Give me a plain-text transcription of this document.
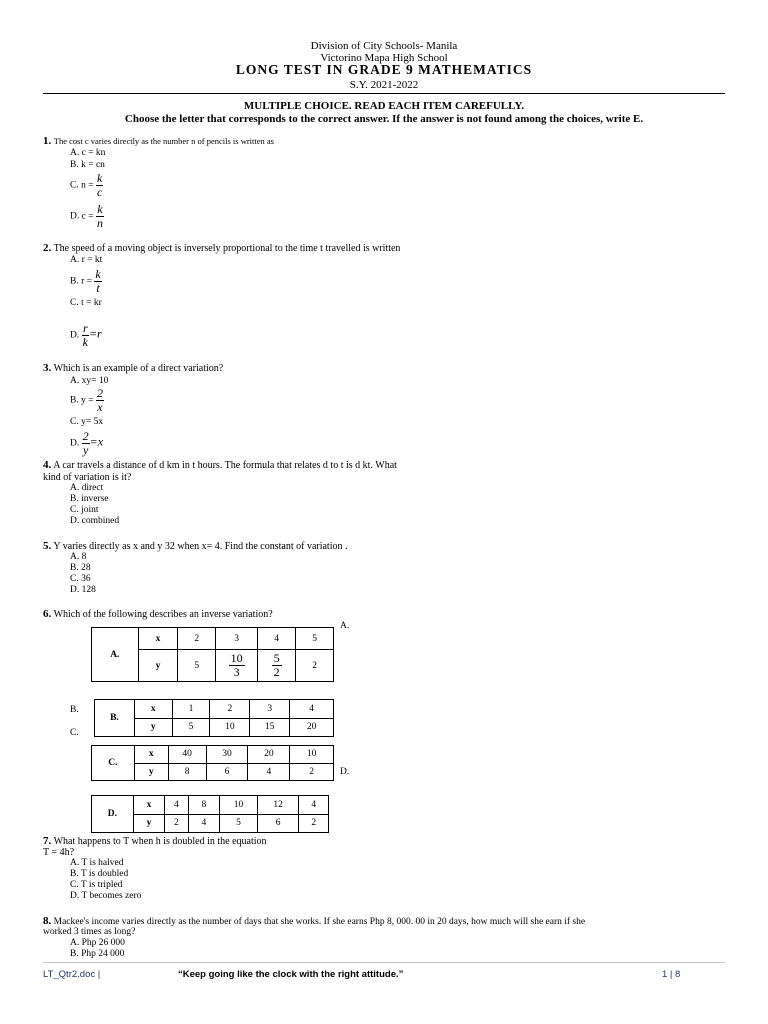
Division of City Schools- Manila
Victorino Mapa High School
LONG TEST IN GRADE 9 MATHEMATICS
S.Y. 2021-2022
MULTIPLE CHOICE. READ EACH ITEM CAREFULLY.
Choose the letter that corresponds to the correct answer. If the answer is not found among the choices, write E.
1. The cost c varies directly as the number n of pencils is written as
A. c = kn
B. k = cn
C. $n = \frac{k}{c}$
D. $c = \frac{k}{n}$
2. The speed of a moving object is inversely proportional to the time t travelled is written
A. r = kt
B. $r = \frac{k}{t}$
C. t = kr
D. $\frac{r}{k} =r$
3. Which is an example of a direct variation?
A. xy= 10
B. $y = \frac{2}{x}$
C. y= 5x
D. $\frac{2}{y} =x$
4. A car travels a distance of d km in t hours. The formula that relates d to t is d kt. What
kind of variation is it?
A. direct
B. inverse
C. joint
D. combined
5. Y varies directly as x and y 32 when x= 4. Find the constant of variation .
A. 8
B. 28
C. 36
D. 128
6. Which of the following describes an inverse variation?
A.
A.	x	2	3	4	5
	y	5	$\frac{10}{3}$	$\frac{5}{2}$	2
B.
B.	x	1	2	3	4
	y	5	10	15	20
C.
C.	x	40	30	20	10
	y	8	6	4	2	D.
D.	x	4	8	10	12	4
	y	2	4	5	6	2
7. What happens to T when h is doubled in the equation
T = 4h?
A. T is halved
B. T is doubled
C. T is tripled
D. T becomes zero
8. Mackee's income varies directly as the number of days that she works. If she earns Php 8, 000. 00 in 20 days, how much will she earn if she
worked 3 times as long?
A. Php 26 000
B. Php 24 000
LT_Qtr2.doc |	“Keep going like the clock with the right attitude.”	1 | 8
